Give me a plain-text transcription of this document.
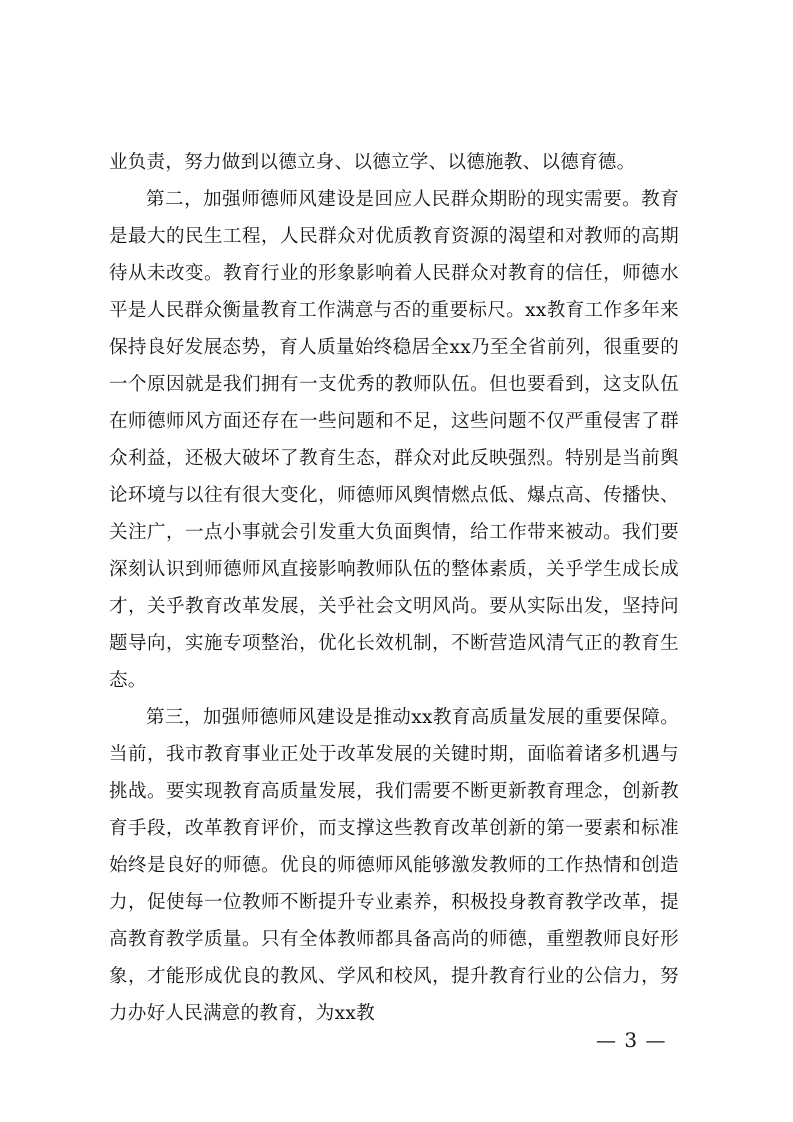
业负责，努力做到以德立身、以德立学、以德施教、以德育德。

第二，加强师德师风建设是回应人民群众期盼的现实需要。教育是最大的民生工程，人民群众对优质教育资源的渴望和对教师的高期待从未改变。教育行业的形象影响着人民群众对教育的信任，师德水平是人民群众衡量教育工作满意与否的重要标尺。xx教育工作多年来保持良好发展态势，育人质量始终稳居全xx乃至全省前列，很重要的一个原因就是我们拥有一支优秀的教师队伍。但也要看到，这支队伍在师德师风方面还存在一些问题和不足，这些问题不仅严重侵害了群众利益，还极大破坏了教育生态，群众对此反映强烈。特别是当前舆论环境与以往有很大变化，师德师风舆情燃点低、爆点高、传播快、关注广，一点小事就会引发重大负面舆情，给工作带来被动。我们要深刻认识到师德师风直接影响教师队伍的整体素质，关乎学生成长成才，关乎教育改革发展，关乎社会文明风尚。要从实际出发，坚持问题导向，实施专项整治，优化长效机制，不断营造风清气正的教育生态。

第三，加强师德师风建设是推动xx教育高质量发展的重要保障。当前，我市教育事业正处于改革发展的关键时期，面临着诸多机遇与挑战。要实现教育高质量发展，我们需要不断更新教育理念，创新教育手段，改革教育评价，而支撑这些教育改革创新的第一要素和标准始终是良好的师德。优良的师德师风能够激发教师的工作热情和创造力，促使每一位教师不断提升专业素养，积极投身教育教学改革，提高教育教学质量。只有全体教师都具备高尚的师德，重塑教师良好形象，才能形成优良的教风、学风和校风，提升教育行业的公信力，努力办好人民满意的教育，为xx教

— 3 —
